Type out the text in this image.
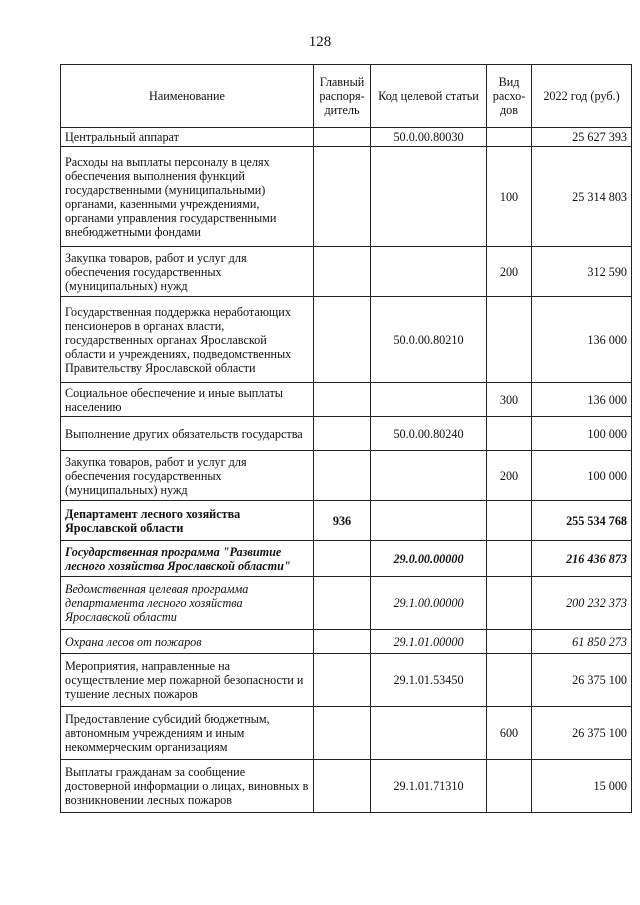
128
Наименование	Главный распоря-дитель	Код целевой статьи	Вид расхо-дов	2022 год (руб.)
Центральный аппарат		50.0.00.80030		25 627 393
Расходы на выплаты персоналу в целях обеспечения выполнения функций государственными (муниципальными) органами, казенными учреждениями, органами управления государственными внебюджетными фондами			100	25 314 803
Закупка товаров, работ и услуг для обеспечения государственных (муниципальных) нужд			200	312 590
Государственная поддержка неработающих пенсионеров в органах власти, государственных органах Ярославской области и учреждениях, подведомственных Правительству Ярославской области		50.0.00.80210		136 000
Социальное обеспечение и иные выплаты населению			300	136 000
Выполнение других обязательств государства		50.0.00.80240		100 000
Закупка товаров, работ и услуг для обеспечения государственных (муниципальных) нужд			200	100 000
Департамент лесного хозяйства Ярославской области	936			255 534 768
Государственная программа "Развитие лесного хозяйства Ярославской области"		29.0.00.00000		216 436 873
Ведомственная целевая программа департамента лесного хозяйства Ярославской области		29.1.00.00000		200 232 373
Охрана лесов от пожаров		29.1.01.00000		61 850 273
Мероприятия, направленные на осуществление мер пожарной безопасности и тушение лесных пожаров		29.1.01.53450		26 375 100
Предоставление субсидий бюджетным, автономным учреждениям и иным некоммерческим организациям			600	26 375 100
Выплаты гражданам за сообщение достоверной информации о лицах, виновных в возникновении лесных пожаров		29.1.01.71310		15 000
